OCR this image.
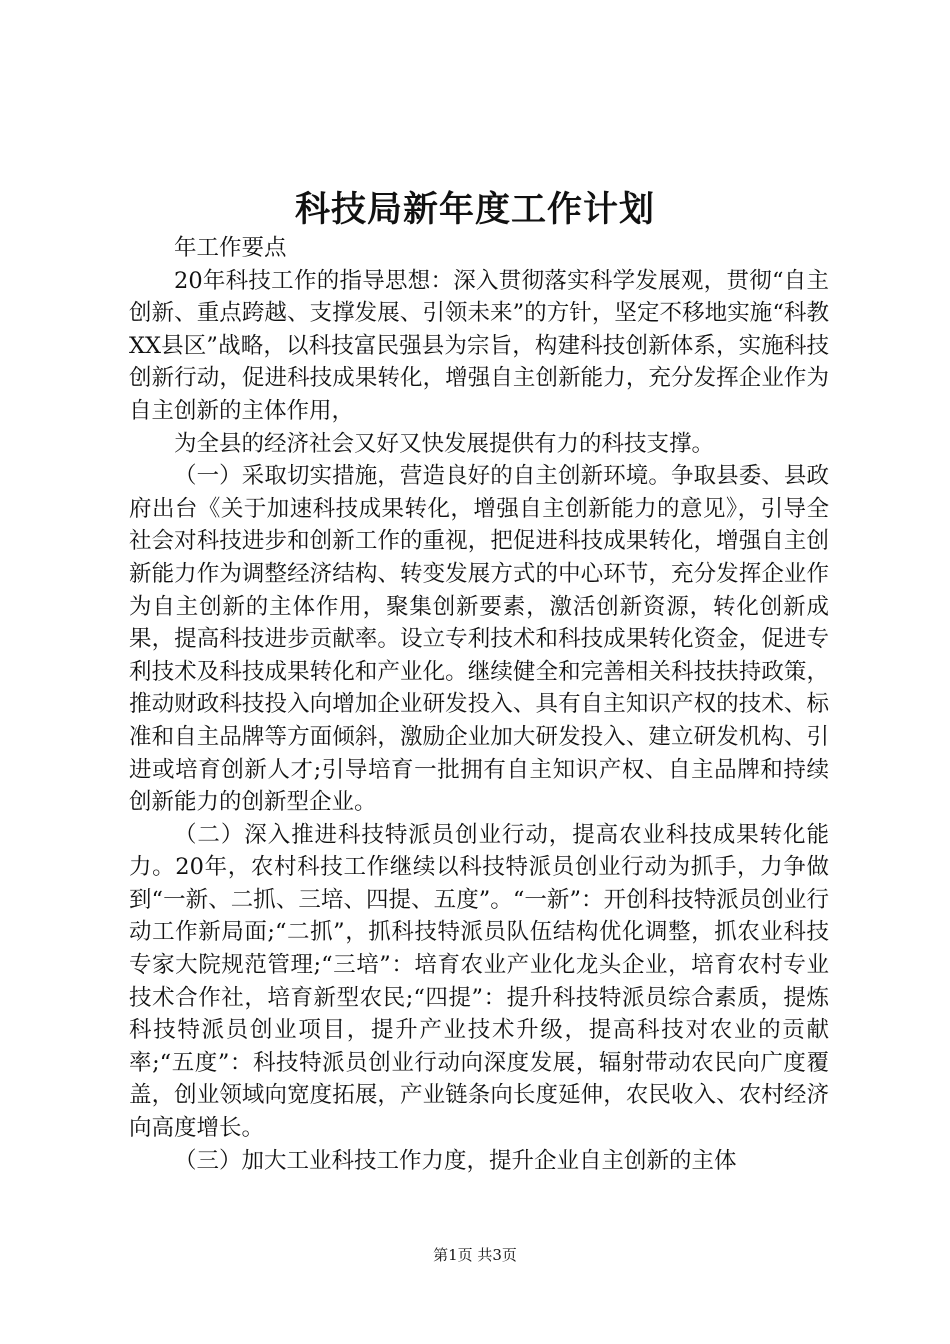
科技局新年度工作计划

年工作要点

20年科技工作的指导思想：深入贯彻落实科学发展观，贯彻“自主创新、重点跨越、支撑发展、引领未来”的方针，坚定不移地实施“科教XX县区”战略，以科技富民强县为宗旨，构建科技创新体系，实施科技创新行动，促进科技成果转化，增强自主创新能力，充分发挥企业作为自主创新的主体作用，

为全县的经济社会又好又快发展提供有力的科技支撑。

（一）采取切实措施，营造良好的自主创新环境。争取县委、县政府出台《关于加速科技成果转化，增强自主创新能力的意见》，引导全社会对科技进步和创新工作的重视，把促进科技成果转化，增强自主创新能力作为调整经济结构、转变发展方式的中心环节，充分发挥企业作为自主创新的主体作用，聚集创新要素，激活创新资源，转化创新成果，提高科技进步贡献率。设立专利技术和科技成果转化资金，促进专利技术及科技成果转化和产业化。继续健全和完善相关科技扶持政策，推动财政科技投入向增加企业研发投入、具有自主知识产权的技术、标准和自主品牌等方面倾斜，激励企业加大研发投入、建立研发机构、引进或培育创新人才;引导培育一批拥有自主知识产权、自主品牌和持续创新能力的创新型企业。

（二）深入推进科技特派员创业行动，提高农业科技成果转化能力。20年，农村科技工作继续以科技特派员创业行动为抓手，力争做到“一新、二抓、三培、四提、五度”。“一新”：开创科技特派员创业行动工作新局面;“二抓”，抓科技特派员队伍结构优化调整，抓农业科技专家大院规范管理;“三培”：培育农业产业化龙头企业，培育农村专业技术合作社，培育新型农民;“四提”：提升科技特派员综合素质，提炼科技特派员创业项目，提升产业技术升级，提高科技对农业的贡献率;“五度”：科技特派员创业行动向深度发展，辐射带动农民向广度覆盖，创业领域向宽度拓展，产业链条向长度延伸，农民收入、农村经济向高度增长。

（三）加大工业科技工作力度，提升企业自主创新的主体

第1页 共3页
